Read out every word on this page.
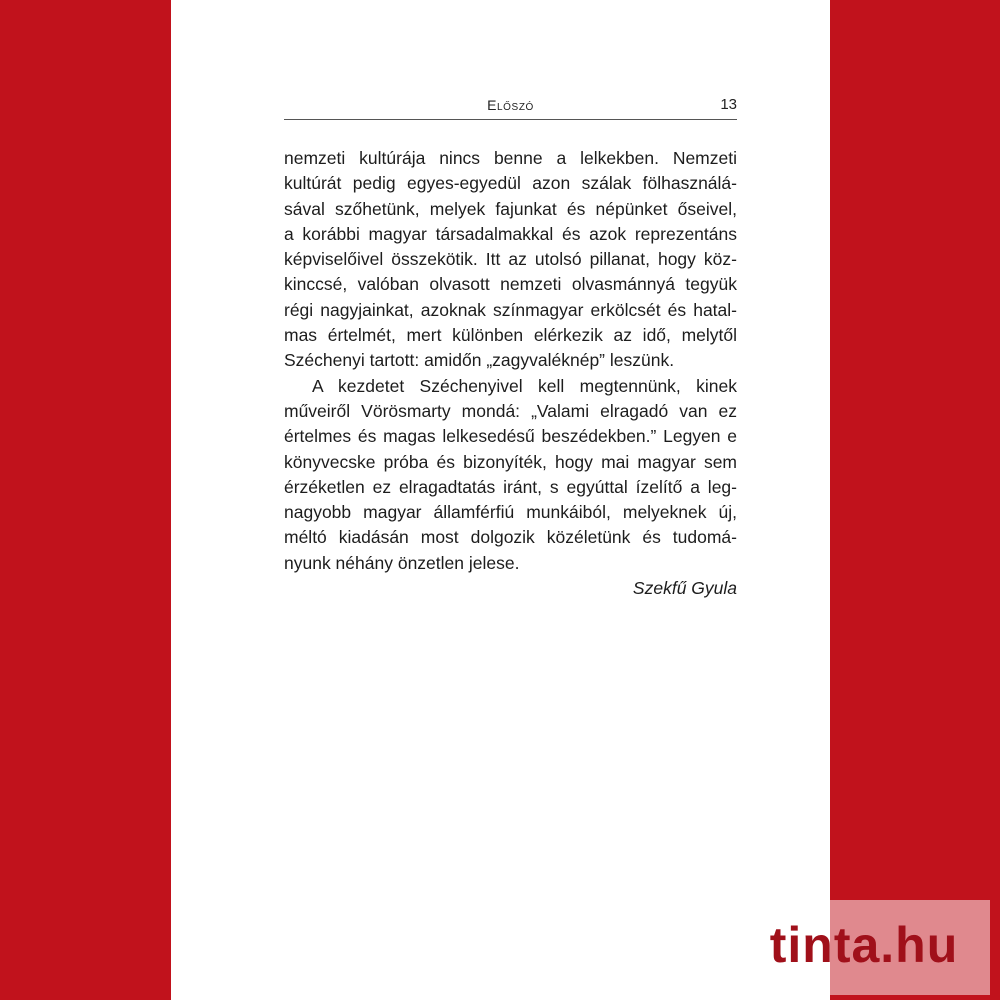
Előszó	13
nemzeti kultúrája nincs benne a lelkekben. Nemzeti
kultúrát pedig egyes-egyedül azon szálak fölhasználá-
sával szőhetünk, melyek fajunkat és népünket őseivel,
a korábbi magyar társadalmakkal és azok reprezentáns
képviselőivel összekötik. Itt az utolsó pillanat, hogy köz-
kinccsé, valóban olvasott nemzeti olvasmánnyá tegyük
régi nagyjainkat, azoknak színmagyar erkölcsét és hatal-
mas értelmét, mert különben elérkezik az idő, melytől
Széchenyi tartott: amidőn „zagyvaléknép” leszünk.
A kezdetet Széchenyivel kell megtennünk, kinek
műveiről Vörösmarty mondá: „Valami elragadó van ez
értelmes és magas lelkesedésű beszédekben.” Legyen e
könyvecske próba és bizonyíték, hogy mai magyar sem
érzéketlen ez elragadtatás iránt, s egyúttal ízelítő a leg-
nagyobb magyar államférfiú munkáiból, melyeknek új,
méltó kiadásán most dolgozik közéletünk és tudomá-
nyunk néhány önzetlen jelese.
Szekfű Gyula
tinta.hu
